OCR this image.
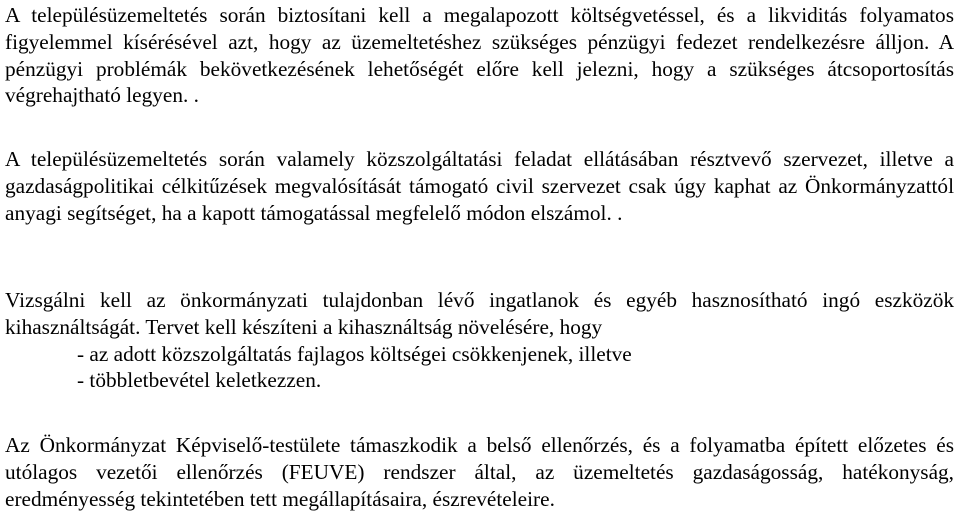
A településüzemeltetés során biztosítani kell a megalapozott költségvetéssel, és a likviditás folyamatos figyelemmel kísérésével azt, hogy az üzemeltetéshez szükséges pénzügyi fedezet rendelkezésre álljon. A pénzügyi problémák bekövetkezésének lehetőségét előre kell jelezni, hogy a szükséges átcsoportosítás végrehajtható legyen. .

A településüzemeltetés során valamely közszolgáltatási feladat ellátásában résztvevő szervezet, illetve a gazdaságpolitikai célkitűzések megvalósítását támogató civil szervezet csak úgy kaphat az Önkormányzattól anyagi segítséget, ha a kapott támogatással megfelelő módon elszámol. .

Vizsgálni kell az önkormányzati tulajdonban lévő ingatlanok és egyéb hasznosítható ingó eszközök kihasználtságát. Tervet kell készíteni a kihasználtság növelésére, hogy

- az adott közszolgáltatás fajlagos költségei csökkenjenek, illetve
- többletbevétel keletkezzen.

Az Önkormányzat Képviselő-testülete támaszkodik a belső ellenőrzés, és a folyamatba épített előzetes és utólagos vezetői ellenőrzés (FEUVE) rendszer által, az üzemeltetés gazdaságosság, hatékonyság, eredményesség tekintetében tett megállapításaira, észrevételeire.
